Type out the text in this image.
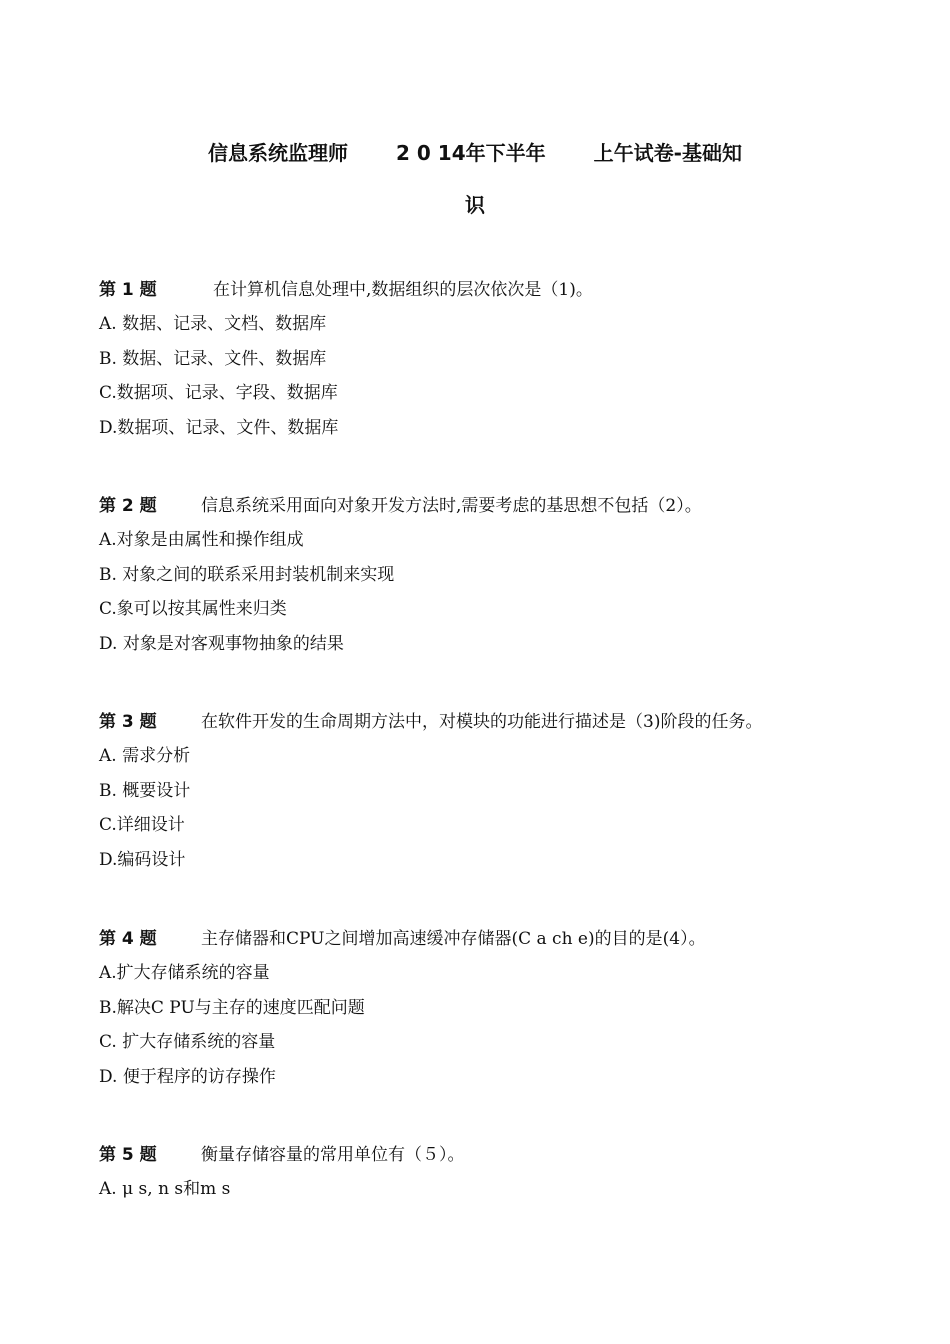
信息系统监理师 2 0 14年下半年 上午试卷-基础知
识
第 1 题	在计算机信息处理中,数据组织的层次依次是（1)。
A. 数据、记录、文档、数据库
B. 数据、记录、文件、数据库
C.数据项、记录、字段、数据库
D.数据项、记录、文件、数据库
第 2 题	信息系统采用面向对象开发方法时,需要考虑的基思想不包括（2）。
A.对象是由属性和操作组成
B. 对象之间的联系采用封装机制来实现
C.象可以按其属性来归类
D. 对象是对客观事物抽象的结果
第 3 题	在软件开发的生命周期方法中，对模块的功能进行描述是（3)阶段的任务。
A. 需求分析
B. 概要设计
C.详细设计
D.编码设计
第 4 题	主存储器和CPU之间增加高速缓冲存储器(C a ch e)的目的是(4）。
A.扩大存储系统的容量
B.解决C PU与主存的速度匹配问题
C. 扩大存储系统的容量
D. 便于程序的访存操作
第 5 题	衡量存储容量的常用单位有（５）。
A. μ s, n s和m s
